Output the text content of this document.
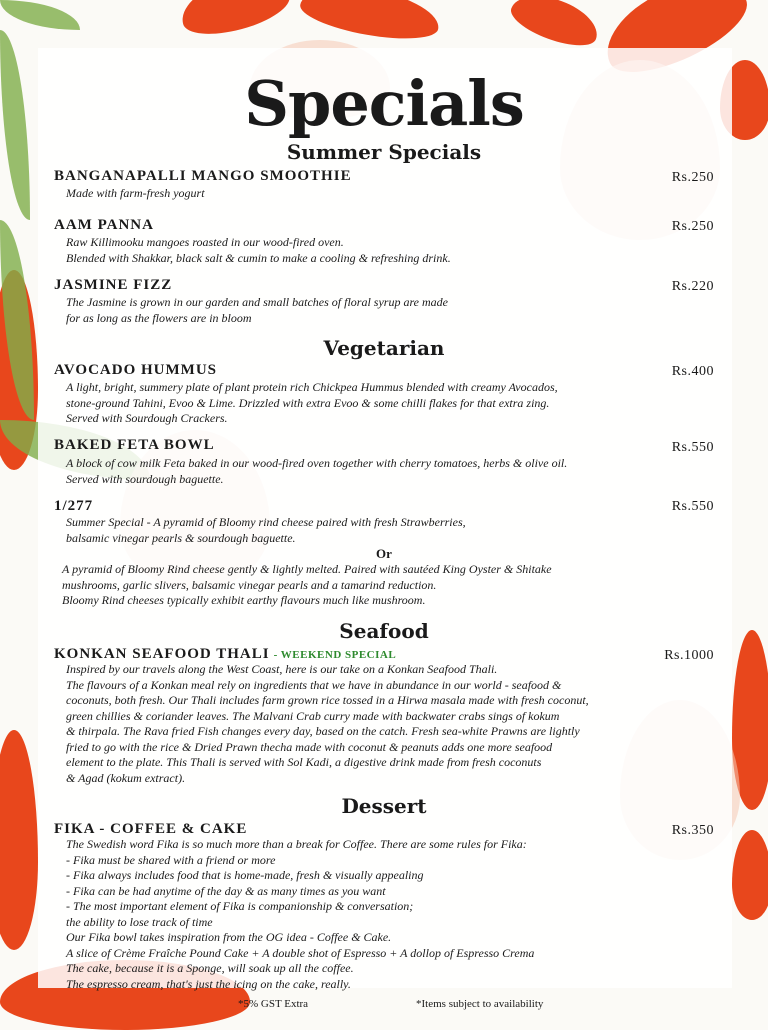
Specials
Summer Specials
BANGANAPALLI MANGO SMOOTHIE	Rs.250
Made with farm-fresh yogurt
AAM PANNA	Rs.250
Raw Killimooku mangoes roasted in our wood-fired oven.
Blended with Shakkar, black salt & cumin to make a cooling & refreshing drink.
JASMINE FIZZ	Rs.220
The Jasmine is grown in our garden and small batches of floral syrup are made
for as long as the flowers are in bloom
Vegetarian
AVOCADO HUMMUS	Rs.400
A light, bright, summery plate of plant protein rich Chickpea Hummus blended with creamy Avocados,
stone-ground Tahini, Evoo & Lime. Drizzled with extra Evoo & some chilli flakes for that extra zing.
Served with Sourdough Crackers.
BAKED FETA BOWL	Rs.550
A block of cow milk Feta baked in our wood-fired oven together with cherry tomatoes, herbs & olive oil.
Served with sourdough baguette.
1/277	Rs.550
Summer Special - A pyramid of Bloomy rind cheese paired with fresh Strawberries,
balsamic vinegar pearls & sourdough baguette.
Or
A pyramid of Bloomy Rind cheese gently & lightly melted. Paired with sautéed King Oyster & Shitake
mushrooms, garlic slivers, balsamic vinegar pearls and a tamarind reduction.
Bloomy Rind cheeses typically exhibit earthy flavours much like mushroom.
Seafood
KONKAN SEAFOOD THALI - WEEKEND SPECIAL	Rs.1000
Inspired by our travels along the West Coast, here is our take on a Konkan Seafood Thali.
The flavours of a Konkan meal rely on ingredients that we have in abundance in our world - seafood &
coconuts, both fresh. Our Thali includes farm grown rice tossed in a Hirwa masala made with fresh coconut,
green chillies & coriander leaves. The Malvani Crab curry made with backwater crabs sings of kokum
& thirpala. The Rava fried Fish changes every day, based on the catch. Fresh sea-white Prawns are lightly
fried to go with the rice & Dried Prawn thecha made with coconut & peanuts adds one more seafood
element to the plate. This Thali is served with Sol Kadi, a digestive drink made from fresh coconuts
& Agad (kokum extract).
Dessert
FIKA - COFFEE & CAKE	Rs.350
The Swedish word Fika is so much more than a break for Coffee. There are some rules for Fika:
- Fika must be shared with a friend or more
- Fika always includes food that is home-made, fresh & visually appealing
- Fika can be had anytime of the day & as many times as you want
- The most important element of Fika is companionship & conversation;
the ability to lose track of time
Our Fika bowl takes inspiration from the OG idea - Coffee & Cake.
A slice of Crème Fraîche Pound Cake + A double shot of Espresso + A dollop of Espresso Crema
The cake, because it is a Sponge, will soak up all the coffee.
The espresso cream, that's just the icing on the cake, really.
*5% GST Extra	*Items subject to availability
